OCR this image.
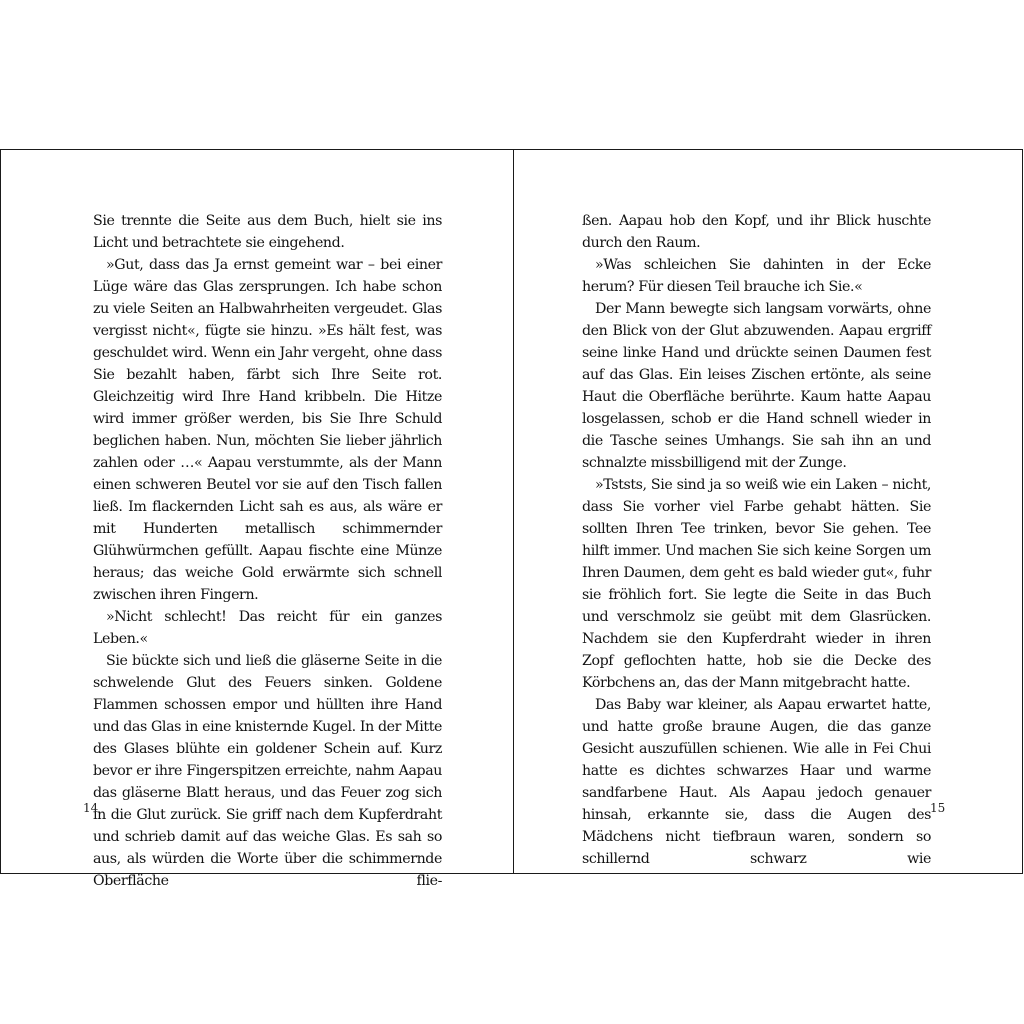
Sie trennte die Seite aus dem Buch, hielt sie ins Licht und betrachtete sie eingehend.

»Gut, dass das Ja ernst gemeint war – bei einer Lüge wäre das Glas zersprungen. Ich habe schon zu viele Seiten an Halbwahrheiten vergeudet. Glas vergisst nicht«, fügte sie hinzu. »Es hält fest, was geschuldet wird. Wenn ein Jahr vergeht, ohne dass Sie bezahlt haben, färbt sich Ihre Seite rot. Gleichzeitig wird Ihre Hand kribbeln. Die Hitze wird immer größer werden, bis Sie Ihre Schuld beglichen haben. Nun, möchten Sie lieber jährlich zahlen oder …« Aapau verstummte, als der Mann einen schweren Beutel vor sie auf den Tisch fallen ließ. Im flackernden Licht sah es aus, als wäre er mit Hunderten metallisch schimmernder Glühwürmchen gefüllt. Aapau fischte eine Münze heraus; das weiche Gold erwärmte sich schnell zwischen ihren Fingern.

»Nicht schlecht! Das reicht für ein ganzes Leben.«

Sie bückte sich und ließ die gläserne Seite in die schwelende Glut des Feuers sinken. Goldene Flammen schossen empor und hüllten ihre Hand und das Glas in eine knisternde Kugel. In der Mitte des Glases blühte ein goldener Schein auf. Kurz bevor er ihre Fingerspitzen erreichte, nahm Aapau das gläserne Blatt heraus, und das Feuer zog sich in die Glut zurück. Sie griff nach dem Kupferdraht und schrieb damit auf das weiche Glas. Es sah so aus, als würden die Worte über die schimmernde Oberfläche flie-

14

ßen. Aapau hob den Kopf, und ihr Blick huschte durch den Raum.

»Was schleichen Sie dahinten in der Ecke herum? Für diesen Teil brauche ich Sie.«

Der Mann bewegte sich langsam vorwärts, ohne den Blick von der Glut abzuwenden. Aapau ergriff seine linke Hand und drückte seinen Daumen fest auf das Glas. Ein leises Zischen ertönte, als seine Haut die Oberfläche berührte. Kaum hatte Aapau losgelassen, schob er die Hand schnell wieder in die Tasche seines Umhangs. Sie sah ihn an und schnalzte missbilligend mit der Zunge.

»Tststs, Sie sind ja so weiß wie ein Laken – nicht, dass Sie vorher viel Farbe gehabt hätten. Sie sollten Ihren Tee trinken, bevor Sie gehen. Tee hilft immer. Und machen Sie sich keine Sorgen um Ihren Daumen, dem geht es bald wieder gut«, fuhr sie fröhlich fort. Sie legte die Seite in das Buch und verschmolz sie geübt mit dem Glasrücken. Nachdem sie den Kupferdraht wieder in ihren Zopf geflochten hatte, hob sie die Decke des Körbchens an, das der Mann mitgebracht hatte.

Das Baby war kleiner, als Aapau erwartet hatte, und hatte große braune Augen, die das ganze Gesicht auszufüllen schienen. Wie alle in Fei Chui hatte es dichtes schwarzes Haar und warme sandfarbene Haut. Als Aapau jedoch genauer hinsah, erkannte sie, dass die Augen des Mädchens nicht tiefbraun waren, sondern so schillernd schwarz wie

15
